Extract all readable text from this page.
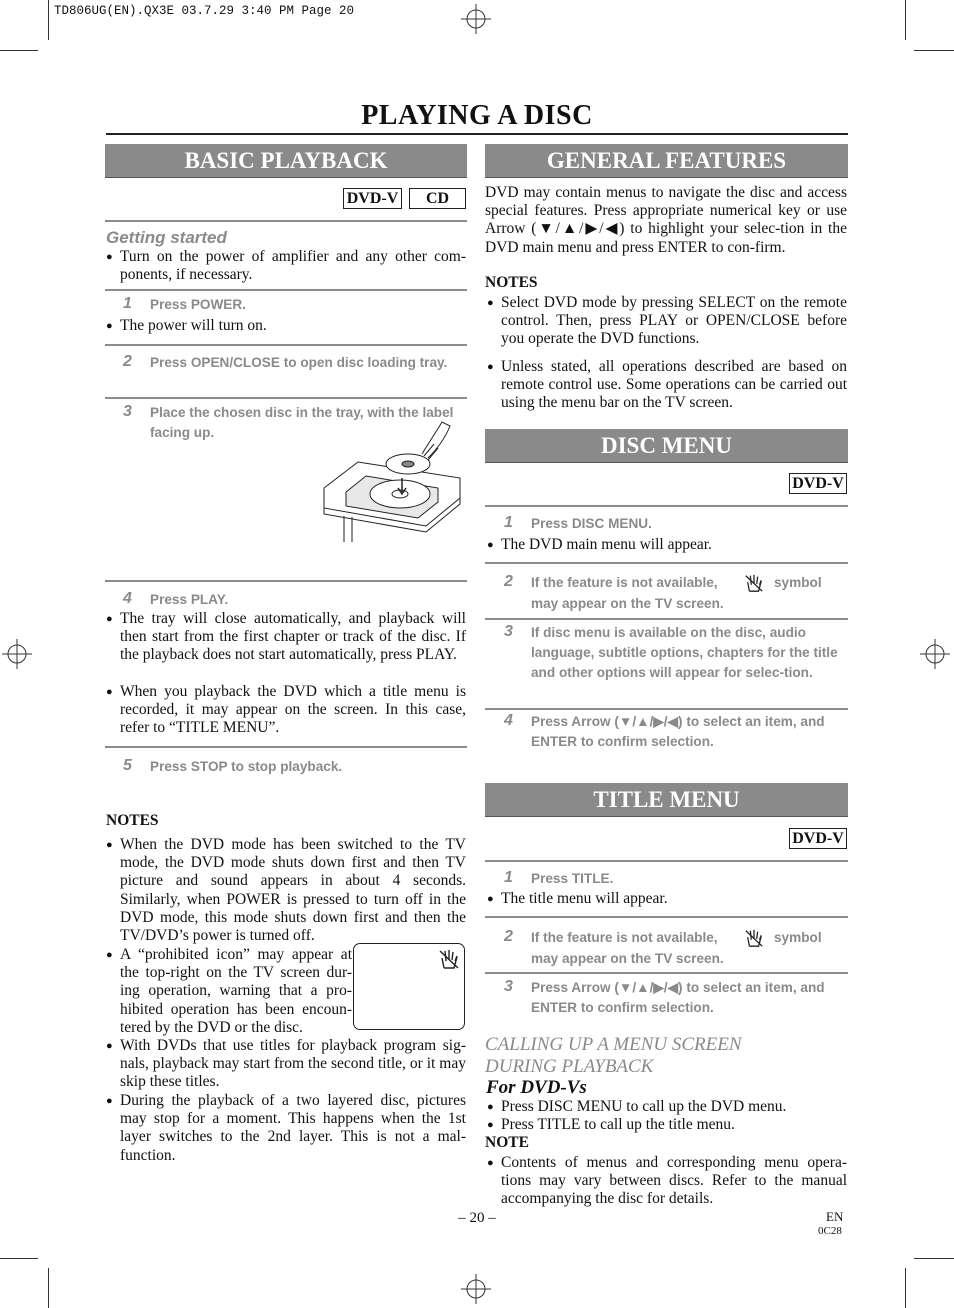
TD806UG(EN).QX3E 03.7.29 3:40 PM Page 20
PLAYING A DISC
BASIC PLAYBACK
DVD-V	CD
Getting started
● Turn on the power of amplifier and any other com-ponents, if necessary.
1 Press POWER.
● The power will turn on.
2 Press OPEN/CLOSE to open disc loading tray.
3 Place the chosen disc in the tray, with the label facing up.
4 Press PLAY.
● The tray will close automatically, and playback will then start from the first chapter or track of the disc. If the playback does not start automatically, press PLAY.
● When you playback the DVD which a title menu is recorded, it may appear on the screen. In this case, refer to “TITLE MENU”.
5 Press STOP to stop playback.
NOTES
● When the DVD mode has been switched to the TV mode, the DVD mode shuts down first and then TV picture and sound appears in about 4 seconds. Similarly, when POWER is pressed to turn off in the DVD mode, this mode shuts down first and then the TV/DVD’s power is turned off.
● A “prohibited icon” may appear at the top-right on the TV screen dur-ing operation, warning that a pro-hibited operation has been encoun-tered by the DVD or the disc.
● With DVDs that use titles for playback program sig-nals, playback may start from the second title, or it may skip these titles.
● During the playback of a two layered disc, pictures may stop for a moment. This happens when the 1st layer switches to the 2nd layer. This is not a mal-function.
GENERAL FEATURES
DVD may contain menus to navigate the disc and access special features. Press appropriate numerical key or use Arrow (▼/▲/▶/◀) to highlight your selec-tion in the DVD main menu and press ENTER to con-firm.
NOTES
● Select DVD mode by pressing SELECT on the remote control. Then, press PLAY or OPEN/CLOSE before you operate the DVD functions.
● Unless stated, all operations described are based on remote control use. Some operations can be carried out using the menu bar on the TV screen.
DISC MENU
DVD-V
1 Press DISC MENU.
● The DVD main menu will appear.
2 If the feature is not available,	symbol
may appear on the TV screen.
3 If disc menu is available on the disc, audio language, subtitle options, chapters for the title and other options will appear for selec-tion.
4 Press Arrow (▼/▲/▶/◀) to select an item, and ENTER to confirm selection.
TITLE MENU
DVD-V
1 Press TITLE.
● The title menu will appear.
2 If the feature is not available,	symbol
may appear on the TV screen.
3 Press Arrow (▼/▲/▶/◀) to select an item, and ENTER to confirm selection.
CALLING UP A MENU SCREEN
DURING PLAYBACK
For DVD-Vs
● Press DISC MENU to call up the DVD menu.
● Press TITLE to call up the title menu.
NOTE
● Contents of menus and corresponding menu opera-tions may vary between discs. Refer to the manual accompanying the disc for details.
– 20 –	EN
0C28
